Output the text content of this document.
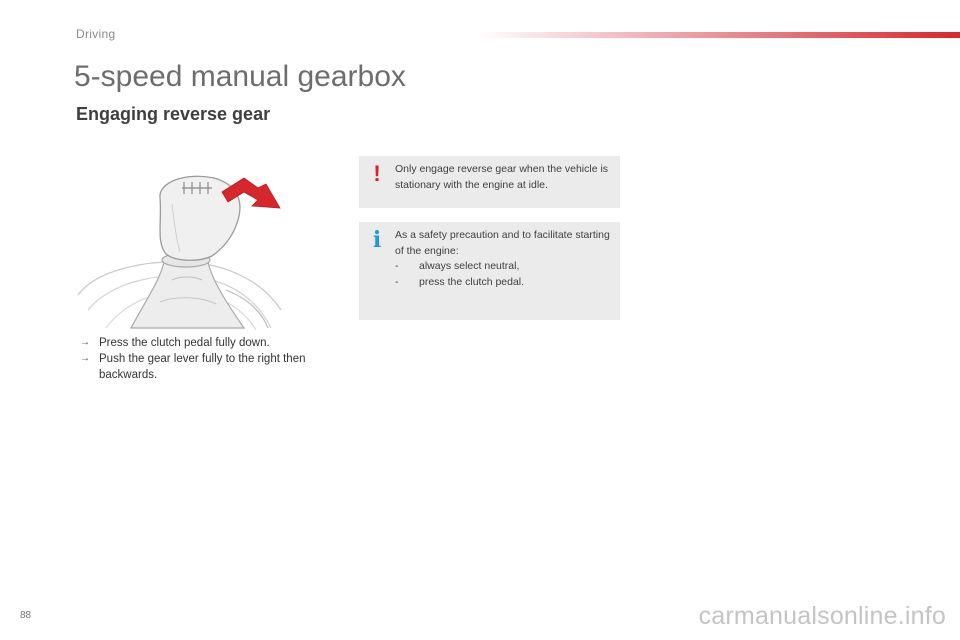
Driving
5-speed manual gearbox
Engaging reverse gear
→ Press the clutch pedal fully down.
→ Push the gear lever fully to the right then backwards.
!	Only engage reverse gear when the vehicle is stationary with the engine at idle.
i	As a safety precaution and to facilitate starting of the engine:
- always select neutral,
- press the clutch pedal.
88	carmanualsonline.info
